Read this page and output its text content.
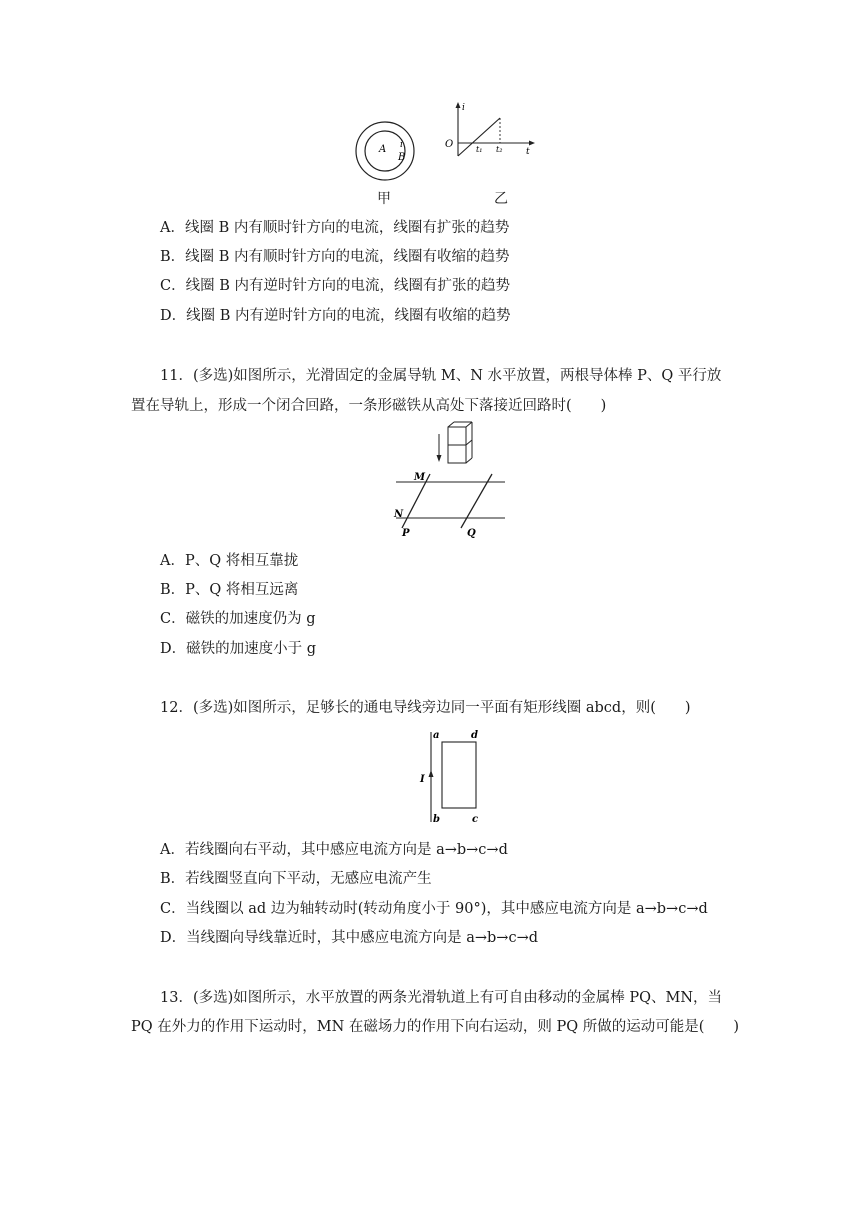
A i
B
i
O
t
t₁ t₂
甲	乙
A．线圈 B 内有顺时针方向的电流，线圈有扩张的趋势
B．线圈 B 内有顺时针方向的电流，线圈有收缩的趋势
C．线圈 B 内有逆时针方向的电流，线圈有扩张的趋势
D．线圈 B 内有逆时针方向的电流，线圈有收缩的趋势
11．(多选)如图所示，光滑固定的金属导轨 M、N 水平放置，两根导体棒 P、Q 平行放
置在导轨上，形成一个闭合回路，一条形磁铁从高处下落接近回路时(　　)
M
N
P	Q
A．P、Q 将相互靠拢
B．P、Q 将相互远离
C．磁铁的加速度仍为 g
D．磁铁的加速度小于 g
12．(多选)如图所示，足够长的通电导线旁边同一平面有矩形线圈 abcd，则(　　)
I
a	d
b	c
A．若线圈向右平动，其中感应电流方向是 a→b→c→d
B．若线圈竖直向下平动，无感应电流产生
C．当线圈以 ad 边为轴转动时(转动角度小于 90°)，其中感应电流方向是 a→b→c→d
D．当线圈向导线靠近时，其中感应电流方向是 a→b→c→d
13．(多选)如图所示，水平放置的两条光滑轨道上有可自由移动的金属棒 PQ、MN，当
PQ 在外力的作用下运动时，MN 在磁场力的作用下向右运动，则 PQ 所做的运动可能是(　　)
